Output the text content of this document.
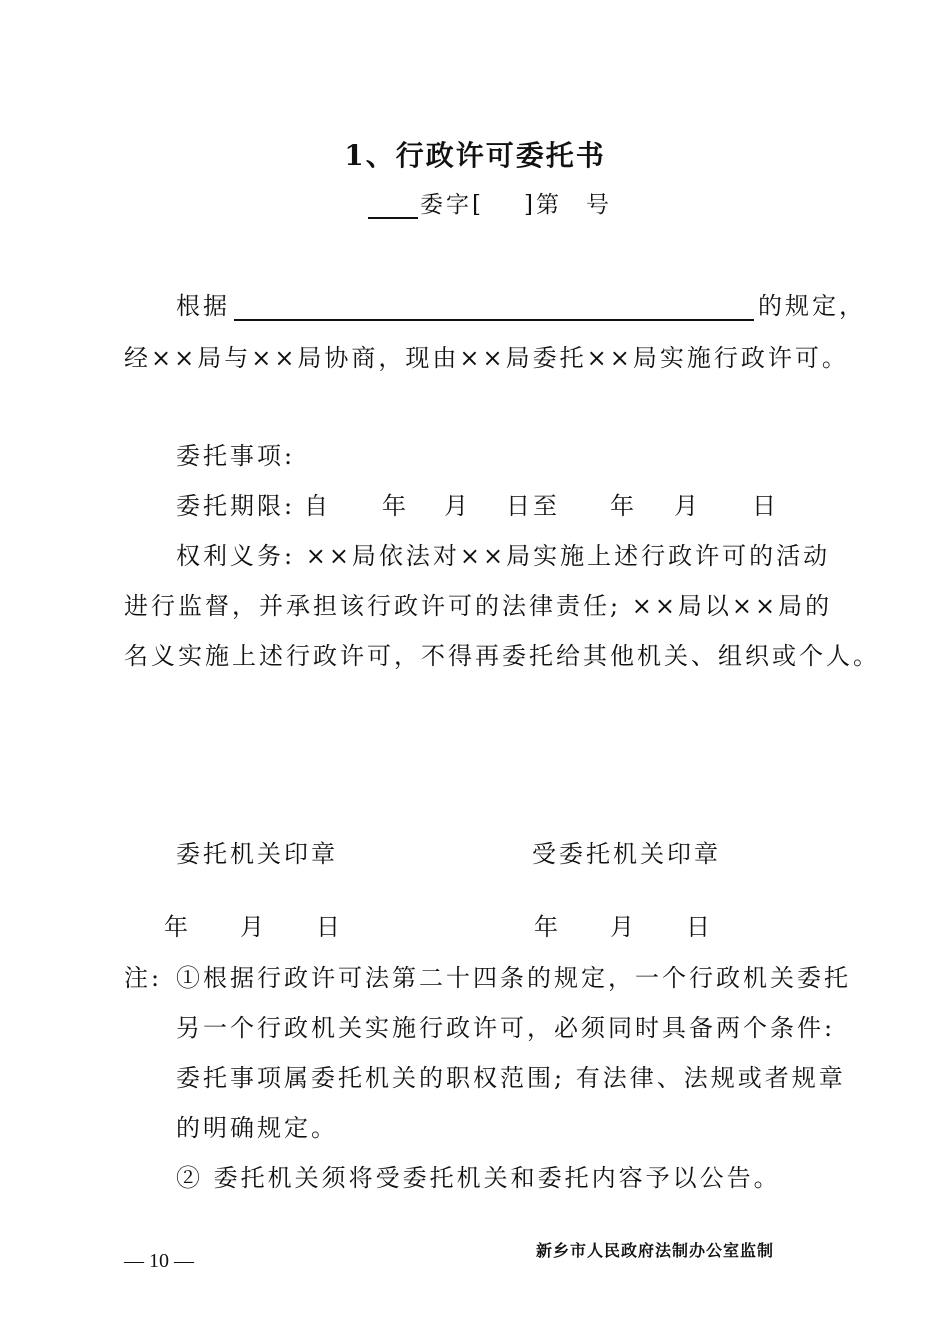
1、行政许可委托书
委字[ ]第 号
根据	的规定，
经××局与××局协商，现由××局委托××局实施行政许可。
委托事项:
委托期限: 自 年 月 日至 年 月 日
权利义务: ××局依法对××局实施上述行政许可的活动
进行监督，并承担该行政许可的法律责任; ××局以××局的
名义实施上述行政许可，不得再委托给其他机关、组织或个人。
委托机关印章	受委托机关印章
年 月 日	年 月 日
注: ①根据行政许可法第二十四条的规定，一个行政机关委托
另一个行政机关实施行政许可，必须同时具备两个条件:
委托事项属委托机关的职权范围; 有法律、法规或者规章
的明确规定。
② 委托机关须将受委托机关和委托内容予以公告。
— 10 —	新乡市人民政府法制办公室监制
